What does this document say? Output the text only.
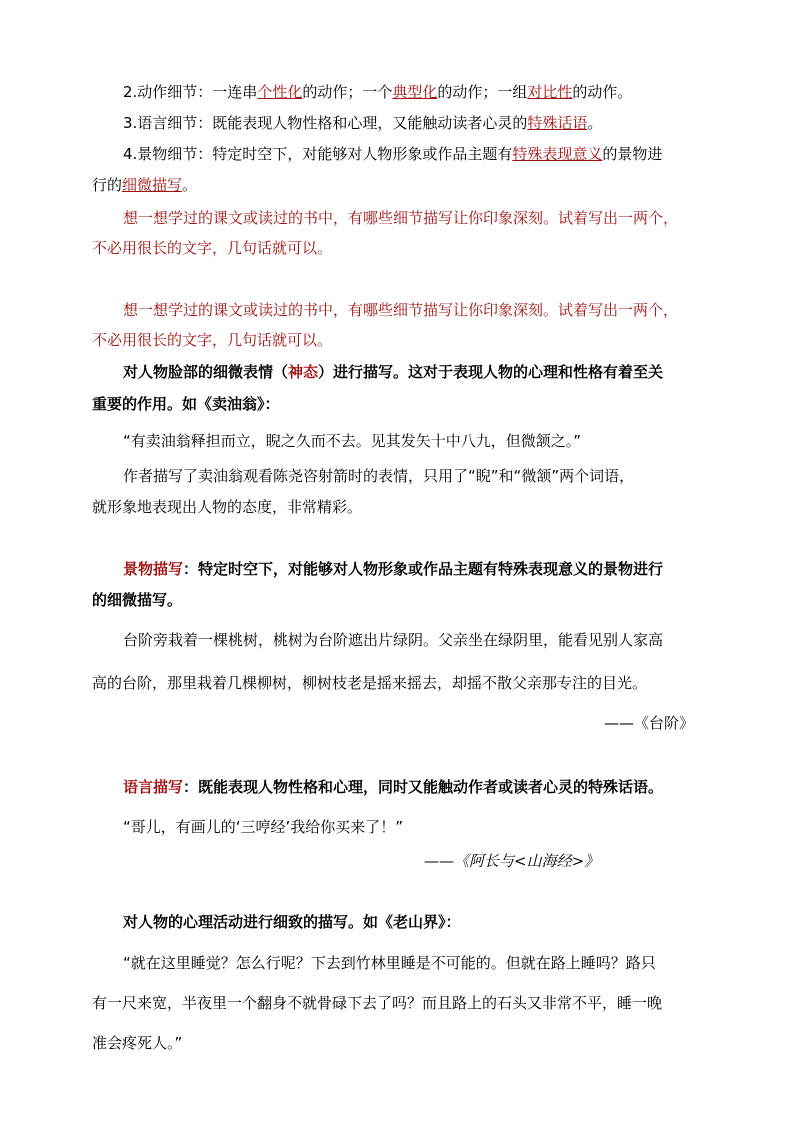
2.动作细节：一连串个性化的动作；一个典型化的动作；一组对比性的动作。
3.语言细节：既能表现人物性格和心理，又能触动读者心灵的特殊话语。
4.景物细节：特定时空下，对能够对人物形象或作品主题有特殊表现意义的景物进
行的细微描写。
想一想学过的课文或读过的书中，有哪些细节描写让你印象深刻。试着写出一两个，
不必用很长的文字，几句话就可以。
想一想学过的课文或读过的书中，有哪些细节描写让你印象深刻。试着写出一两个，
不必用很长的文字，几句话就可以。
对人物脸部的细微表情（神态）进行描写。这对于表现人物的心理和性格有着至关
重要的作用。如《卖油翁》：
“有卖油翁释担而立，睨之久而不去。见其发矢十中八九，但微颔之。”
作者描写了卖油翁观看陈尧咨射箭时的表情，只用了“睨”和“微颔”两个词语，
就形象地表现出人物的态度，非常精彩。
景物描写：特定时空下，对能够对人物形象或作品主题有特殊表现意义的景物进行
的细微描写。
台阶旁栽着一棵桃树，桃树为台阶遮出片绿阴。父亲坐在绿阴里，能看见别人家高
高的台阶，那里栽着几棵柳树，柳树枝老是摇来摇去，却摇不散父亲那专注的目光。
——《台阶》
语言描写：既能表现人物性格和心理，同时又能触动作者或读者心灵的特殊话语。
“哥儿，有画儿的‘三哼经’我给你买来了！”
——《阿长与<山海经>》
对人物的心理活动进行细致的描写。如《老山界》：
“就在这里睡觉？怎么行呢？下去到竹林里睡是不可能的。但就在路上睡吗？路只
有一尺来宽，半夜里一个翻身不就骨碌下去了吗？而且路上的石头又非常不平，睡一晚
准会疼死人。”
